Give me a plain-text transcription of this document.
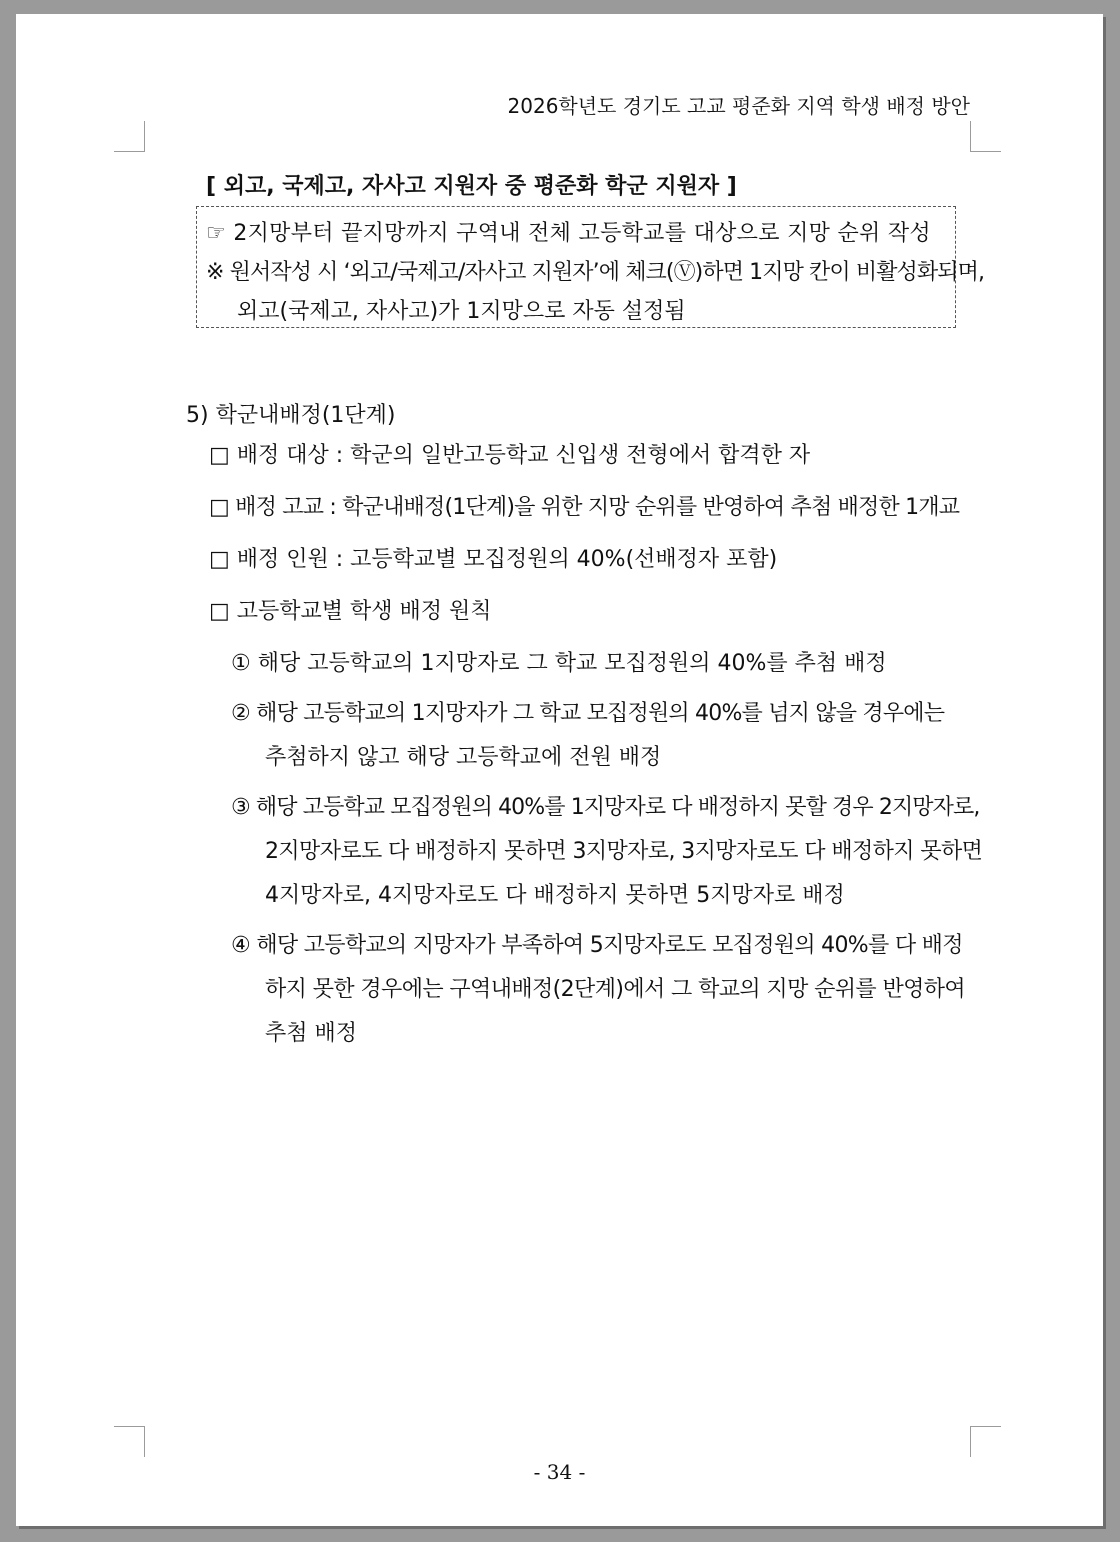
2026학년도 경기도 고교 평준화 지역 학생 배정 방안
[ 외고, 국제고, 자사고 지원자 중 평준화 학군 지원자 ]
☞ 2지망부터 끝지망까지 구역내 전체 고등학교를 대상으로 지망 순위 작성
※ 원서작성 시 ‘외고/국제고/자사고 지원자’에 체크(Ⓥ)하면 1지망 칸이 비활성화되며,
외고(국제고, 자사고)가 1지망으로 자동 설정됨
5) 학군내배정(1단계)
□ 배정 대상 : 학군의 일반고등학교 신입생 전형에서 합격한 자
□ 배정 고교 : 학군내배정(1단계)을 위한 지망 순위를 반영하여 추첨 배정한 1개교
□ 배정 인원 : 고등학교별 모집정원의 40%(선배정자 포함)
□ 고등학교별 학생 배정 원칙
① 해당 고등학교의 1지망자로 그 학교 모집정원의 40%를 추첨 배정
② 해당 고등학교의 1지망자가 그 학교 모집정원의 40%를 넘지 않을 경우에는
추첨하지 않고 해당 고등학교에 전원 배정
③ 해당 고등학교 모집정원의 40%를 1지망자로 다 배정하지 못할 경우 2지망자로,
2지망자로도 다 배정하지 못하면 3지망자로, 3지망자로도 다 배정하지 못하면
4지망자로, 4지망자로도 다 배정하지 못하면 5지망자로 배정
④ 해당 고등학교의 지망자가 부족하여 5지망자로도 모집정원의 40%를 다 배정
하지 못한 경우에는 구역내배정(2단계)에서 그 학교의 지망 순위를 반영하여
추첨 배정
- 34 -
